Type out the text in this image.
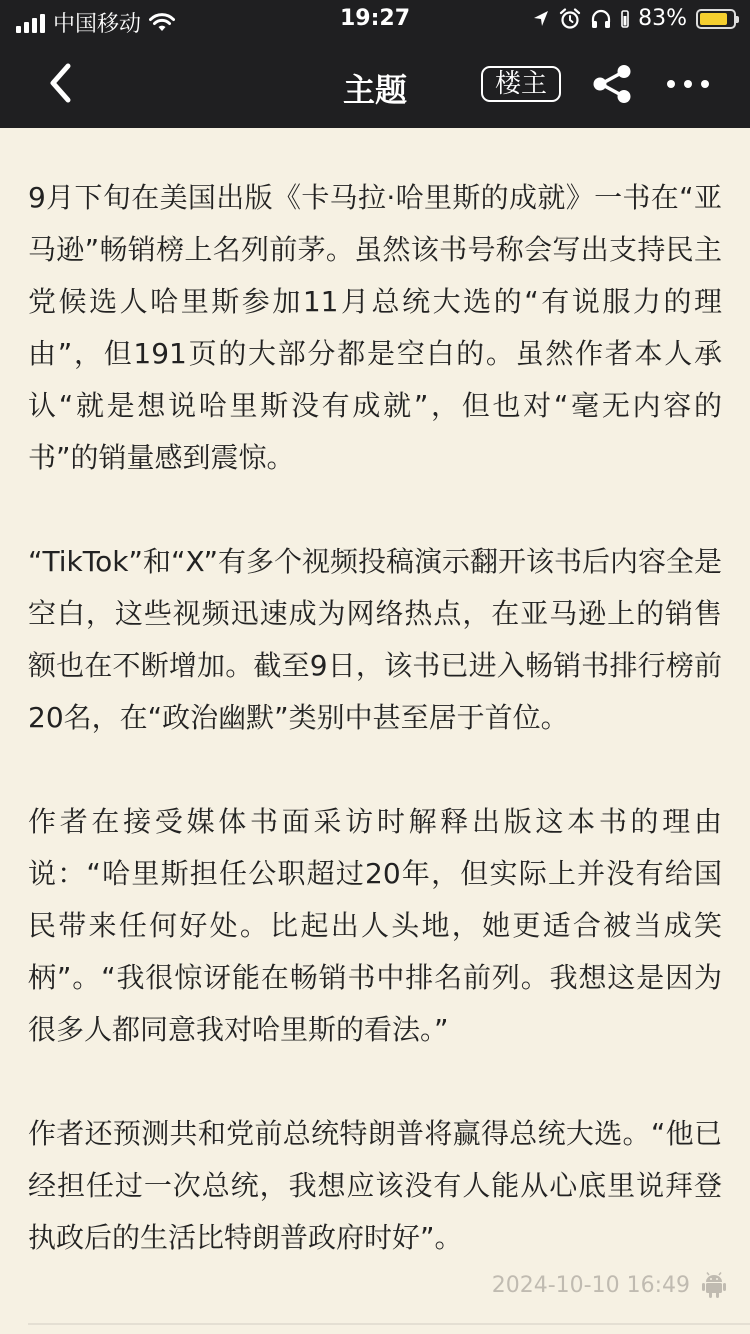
中国移动	19:27	83%
主题	楼主

9月下旬在美国出版《卡马拉·哈里斯的成就》一书在“亚马逊”畅销榜上名列前茅。虽然该书号称会写出支持民主党候选人哈里斯参加11月总统大选的“有说服力的理由”，但191页的大部分都是空白的。虽然作者本人承认“就是想说哈里斯没有成就”，但也对“毫无内容的书”的销量感到震惊。

“TikTok”和“X”有多个视频投稿演示翻开该书后内容全是空白，这些视频迅速成为网络热点，在亚马逊上的销售额也在不断增加。截至9日，该书已进入畅销书排行榜前20名，在“政治幽默”类别中甚至居于首位。

作者在接受媒体书面采访时解释出版这本书的理由说：“哈里斯担任公职超过20年，但实际上并没有给国民带来任何好处。比起出人头地，她更适合被当成笑柄”。“我很惊讶能在畅销书中排名前列。我想这是因为很多人都同意我对哈里斯的看法。”

作者还预测共和党前总统特朗普将赢得总统大选。“他已经担任过一次总统，我想应该没有人能从心底里说拜登执政后的生活比特朗普政府时好”。

2024-10-10 16:49
